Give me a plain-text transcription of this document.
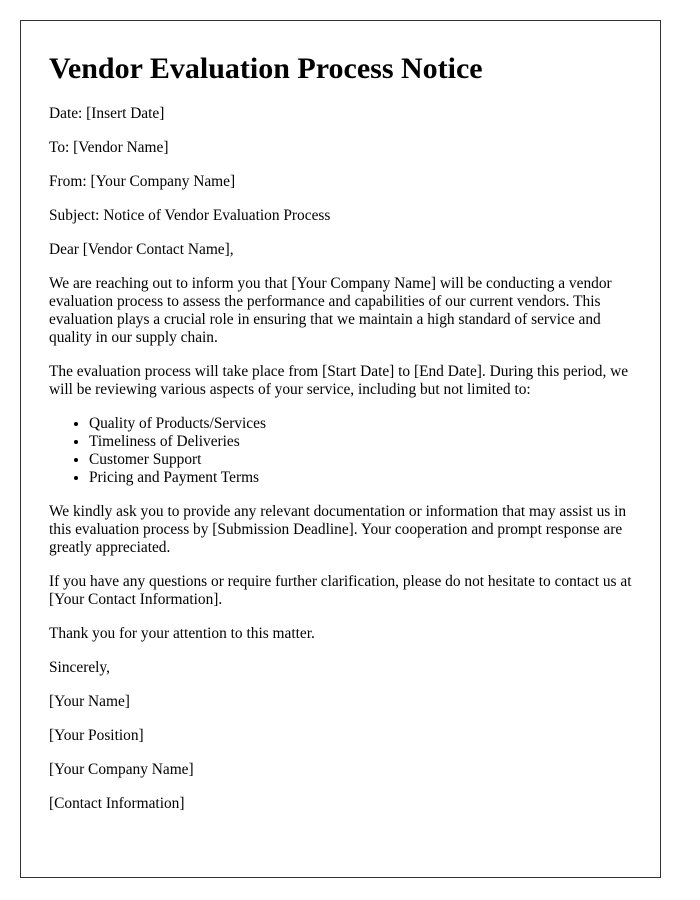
Vendor Evaluation Process Notice

Date: [Insert Date]

To: [Vendor Name]

From: [Your Company Name]

Subject: Notice of Vendor Evaluation Process

Dear [Vendor Contact Name],

We are reaching out to inform you that [Your Company Name] will be conducting a vendor evaluation process to assess the performance and capabilities of our current vendors. This evaluation plays a crucial role in ensuring that we maintain a high standard of service and quality in our supply chain.

The evaluation process will take place from [Start Date] to [End Date]. During this period, we will be reviewing various aspects of your service, including but not limited to:

• Quality of Products/Services
• Timeliness of Deliveries
• Customer Support
• Pricing and Payment Terms

We kindly ask you to provide any relevant documentation or information that may assist us in this evaluation process by [Submission Deadline]. Your cooperation and prompt response are greatly appreciated.

If you have any questions or require further clarification, please do not hesitate to contact us at [Your Contact Information].

Thank you for your attention to this matter.

Sincerely,

[Your Name]

[Your Position]

[Your Company Name]

[Contact Information]
